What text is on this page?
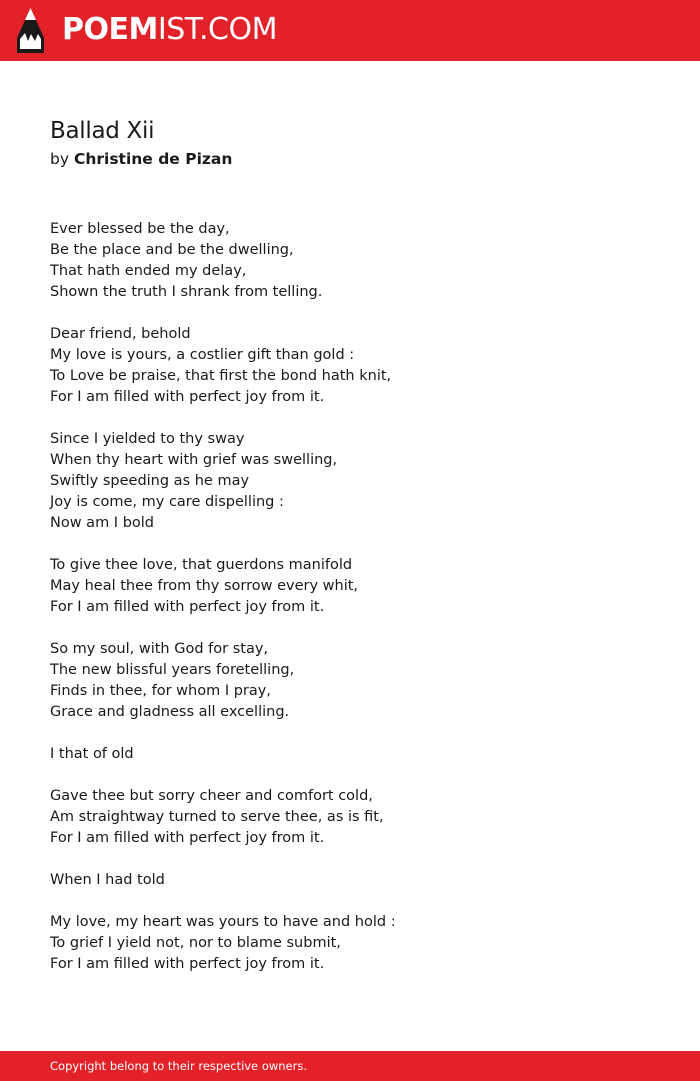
POEMIST.COM
Ballad Xii
by Christine de Pizan
Ever blessed be the day,
Be the place and be the dwelling,
That hath ended my delay,
Shown the truth I shrank from telling.
Dear friend, behold
My love is yours, a costlier gift than gold :
To Love be praise, that first the bond hath knit,
For I am filled with perfect joy from it.
Since I yielded to thy sway
When thy heart with grief was swelling,
Swiftly speeding as he may
Joy is come, my care dispelling :
Now am I bold
To give thee love, that guerdons manifold
May heal thee from thy sorrow every whit,
For I am filled with perfect joy from it.
So my soul, with God for stay,
The new blissful years foretelling,
Finds in thee, for whom I pray,
Grace and gladness all excelling.
I that of old
Gave thee but sorry cheer and comfort cold,
Am straightway turned to serve thee, as is fit,
For I am filled with perfect joy from it.
When I had told
My love, my heart was yours to have and hold :
To grief I yield not, nor to blame submit,
For I am filled with perfect joy from it.
Copyright belong to their respective owners.
